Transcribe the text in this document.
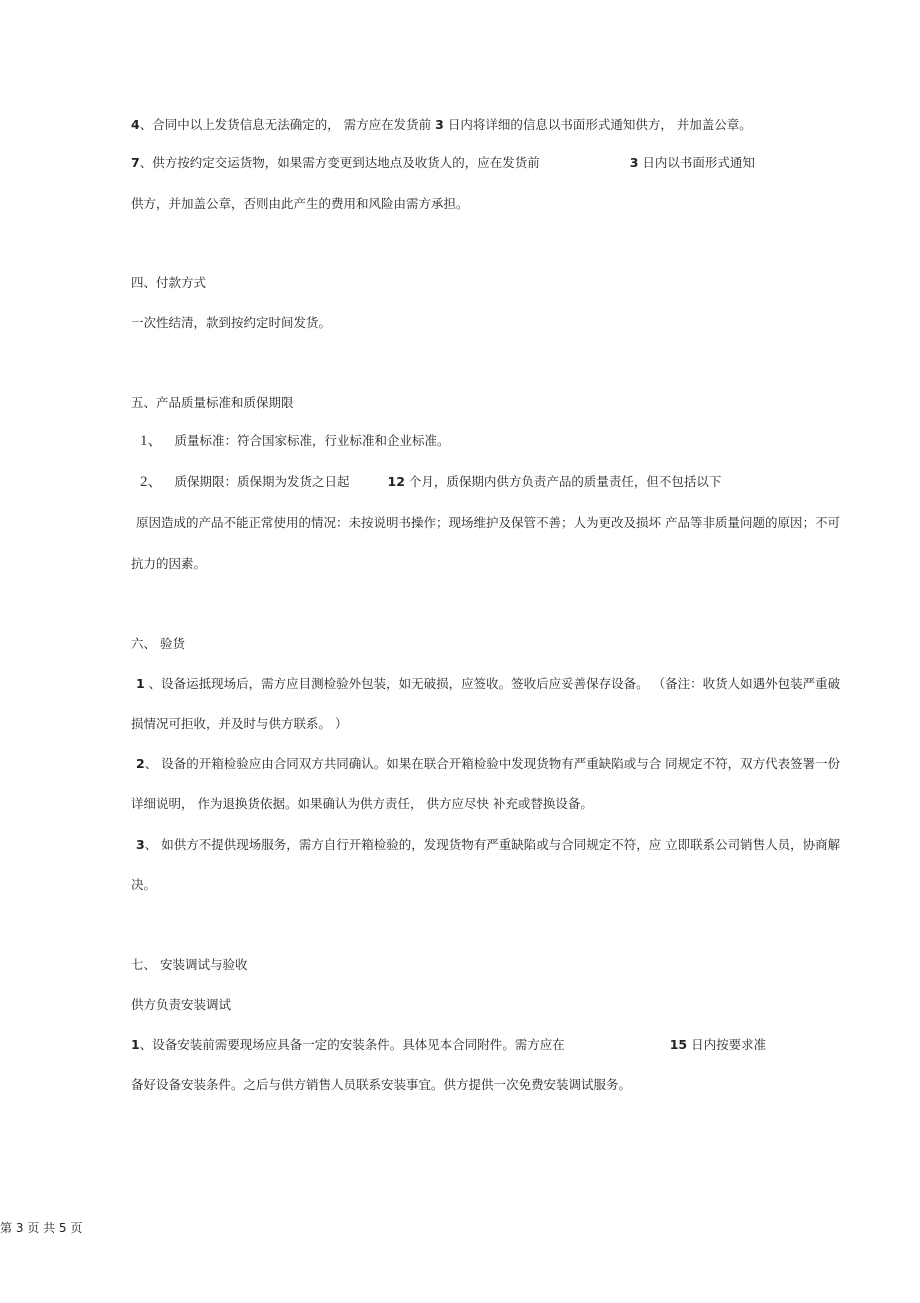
4、合同中以上发货信息无法确定的， 需方应在发货前 3 日内将详细的信息以书面形式通知供方， 并加盖公章。
7、供方按约定交运货物，如果需方变更到达地点及收货人的，应在发货前	3 日内以书面形式通知
供方，并加盖公章，否则由此产生的费用和风险由需方承担。
四、付款方式
一次性结清，款到按约定时间发货。
五、产品质量标准和质保期限
1、 质量标准：符合国家标准，行业标准和企业标准。
2、 质保期限：质保期为发货之日起	12 个月，质保期内供方负责产品的质量责任，但不包括以下
原因造成的产品不能正常使用的情况：未按说明书操作；现场维护及保管不善；人为更改及损坏 产品等非质量问题的原因；不可
抗力的因素。
六、 验货
1 、设备运抵现场后，需方应目测检验外包装，如无破损，应签收。签收后应妥善保存设备。 （备注：收货人如遇外包装严重破
损情况可拒收，并及时与供方联系。 ）
2、 设备的开箱检验应由合同双方共同确认。如果在联合开箱检验中发现货物有严重缺陷或与合 同规定不符，双方代表签署一份
详细说明， 作为退换货依据。如果确认为供方责任， 供方应尽快 补充或替换设备。
3、 如供方不提供现场服务，需方自行开箱检验的，发现货物有严重缺陷或与合同规定不符，应 立即联系公司销售人员，协商解
决。
七、 安装调试与验收
供方负责安装调试
1、设备安装前需要现场应具备一定的安装条件。具体见本合同附件。需方应在	15 日内按要求准
备好设备安装条件。之后与供方销售人员联系安装事宜。供方提供一次免费安装调试服务。
第 3 页 共 5 页
